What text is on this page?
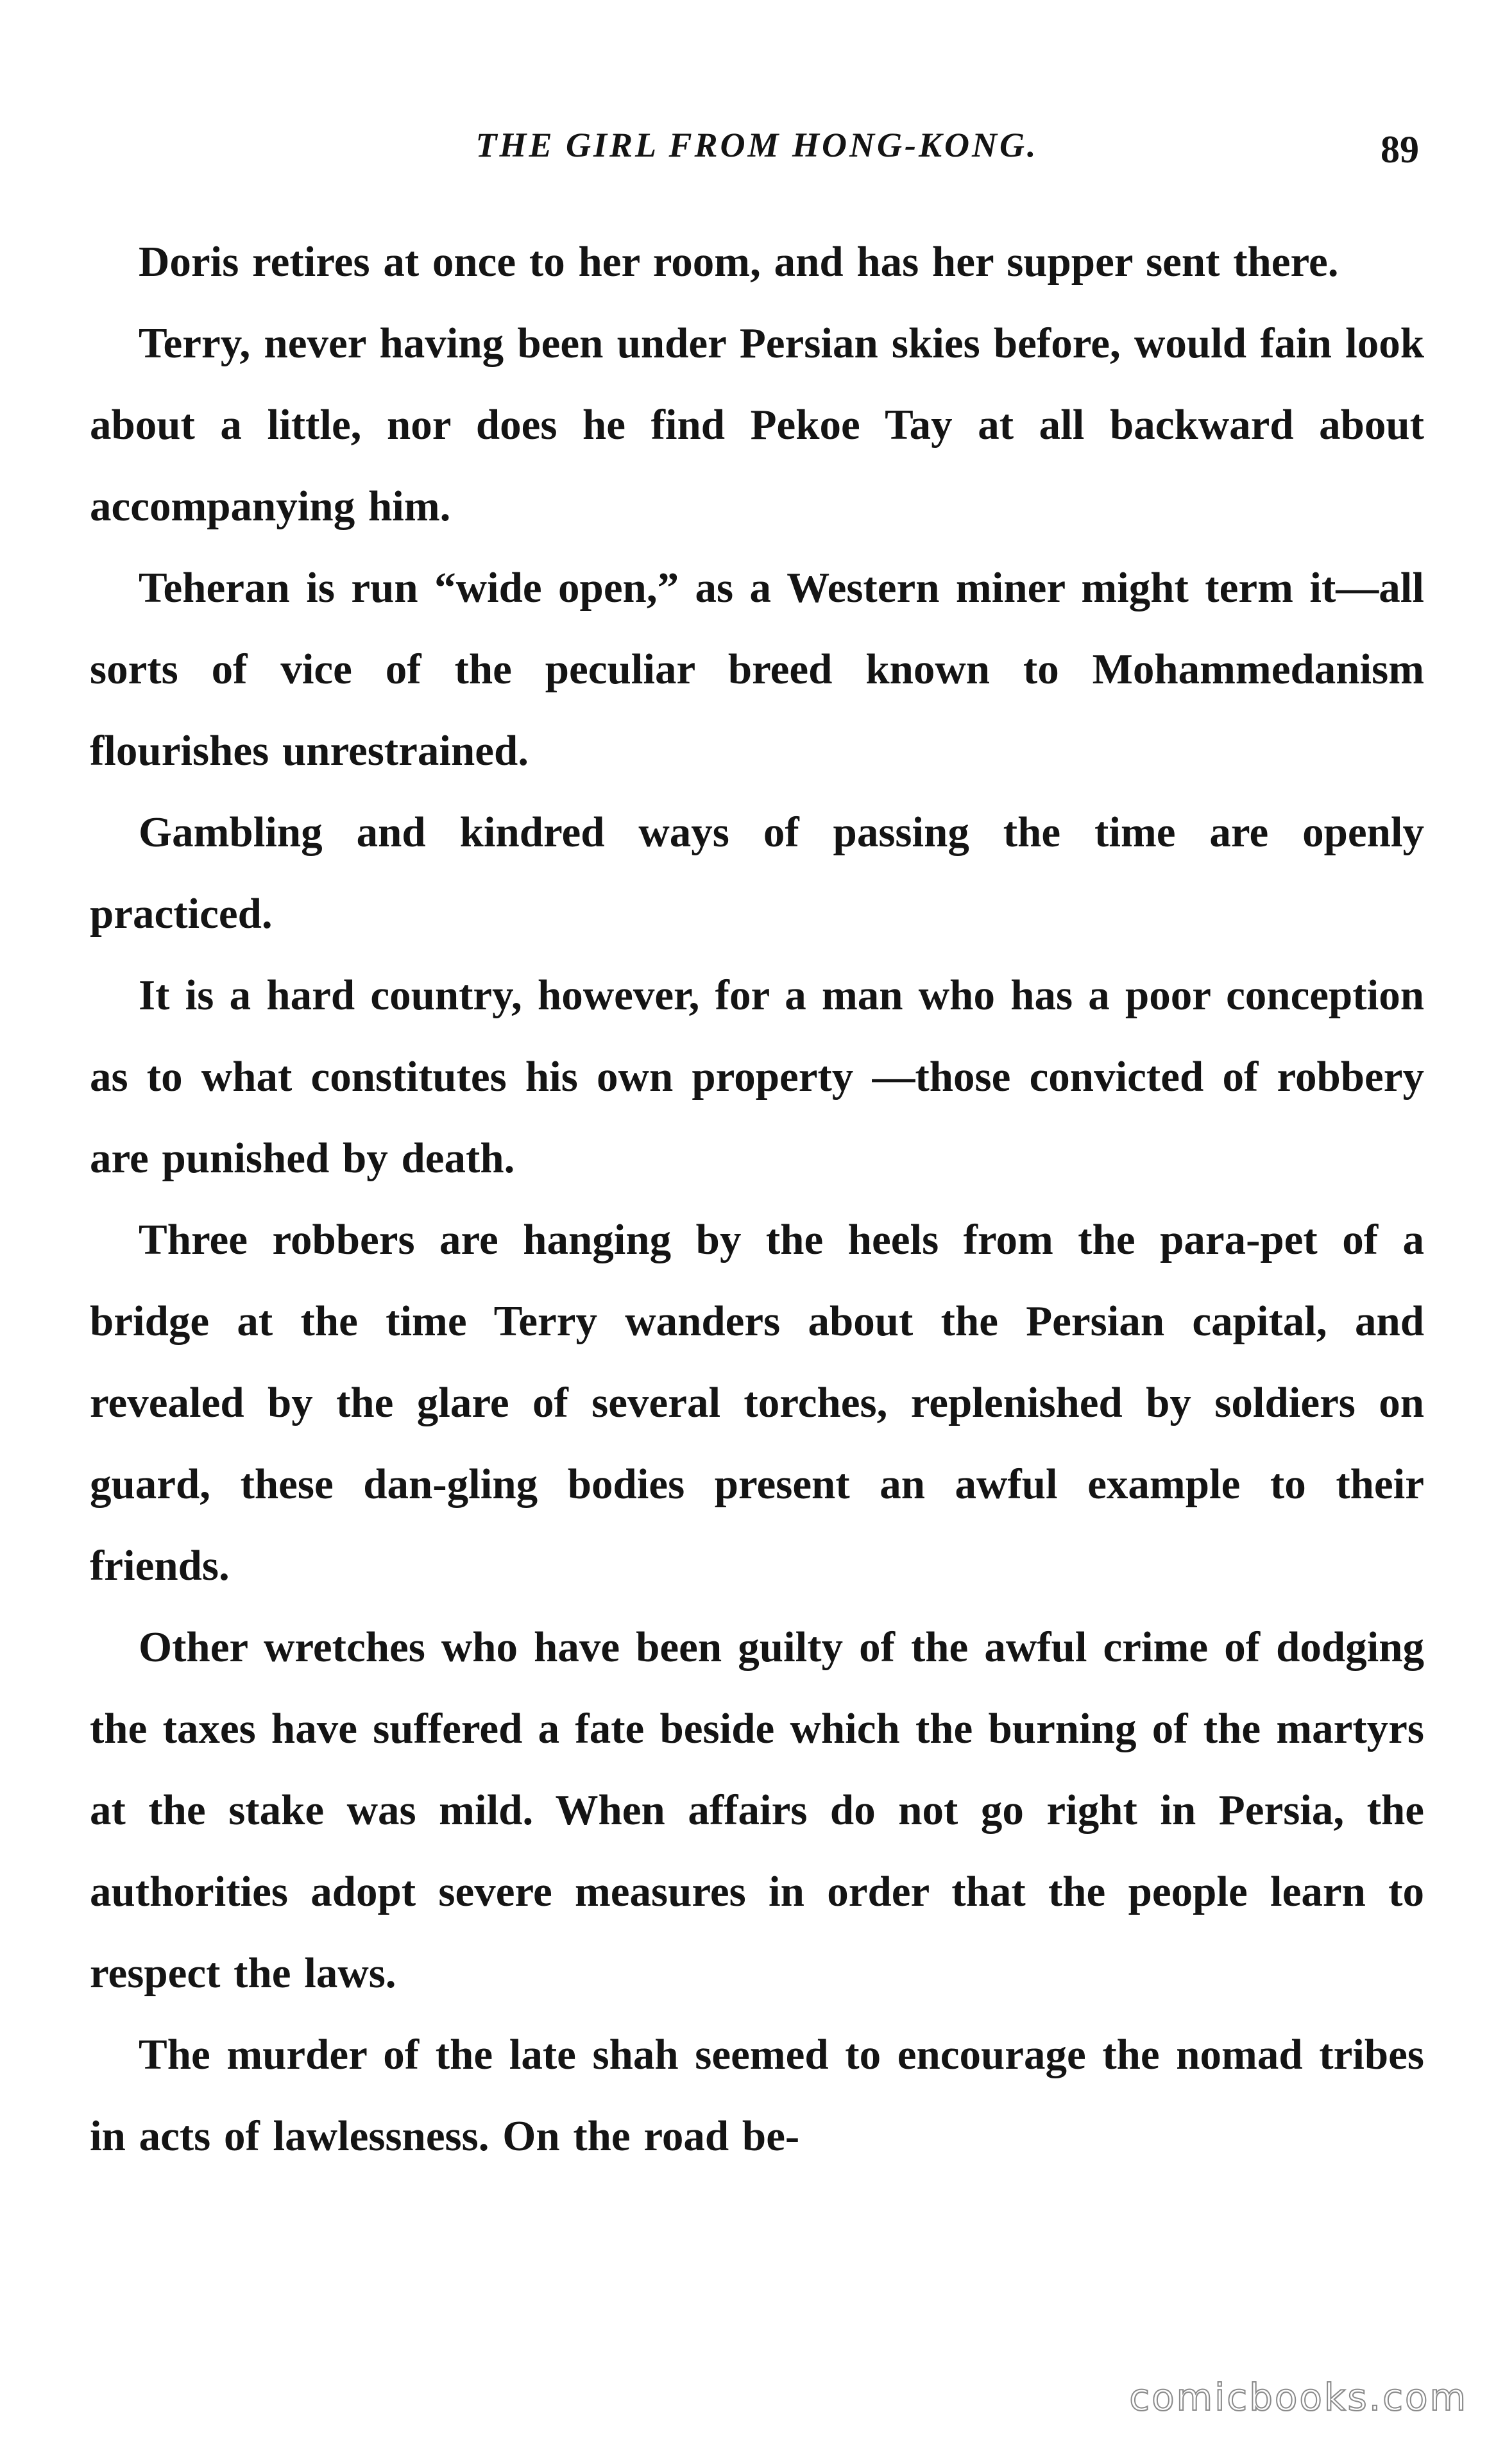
THE GIRL FROM HONG-KONG.	89

Doris retires at once to her room, and has her supper sent there.

Terry, never having been under Persian skies before, would fain look about a little, nor does he find Pekoe Tay at all backward about accompanying him.

Teheran is run “wide open,” as a Western miner might term it—all sorts of vice of the peculiar breed known to Mohammedanism flourishes unrestrained.

Gambling and kindred ways of passing the time are openly practiced.

It is a hard country, however, for a man who has a poor conception as to what constitutes his own property —those convicted of robbery are punished by death.

Three robbers are hanging by the heels from the para-pet of a bridge at the time Terry wanders about the Persian capital, and revealed by the glare of several torches, replenished by soldiers on guard, these dan-gling bodies present an awful example to their friends.

Other wretches who have been guilty of the awful crime of dodging the taxes have suffered a fate beside which the burning of the martyrs at the stake was mild. When affairs do not go right in Persia, the authorities adopt severe measures in order that the people learn to respect the laws.

The murder of the late shah seemed to encourage the nomad tribes in acts of lawlessness. On the road be-

comicbooks.com
